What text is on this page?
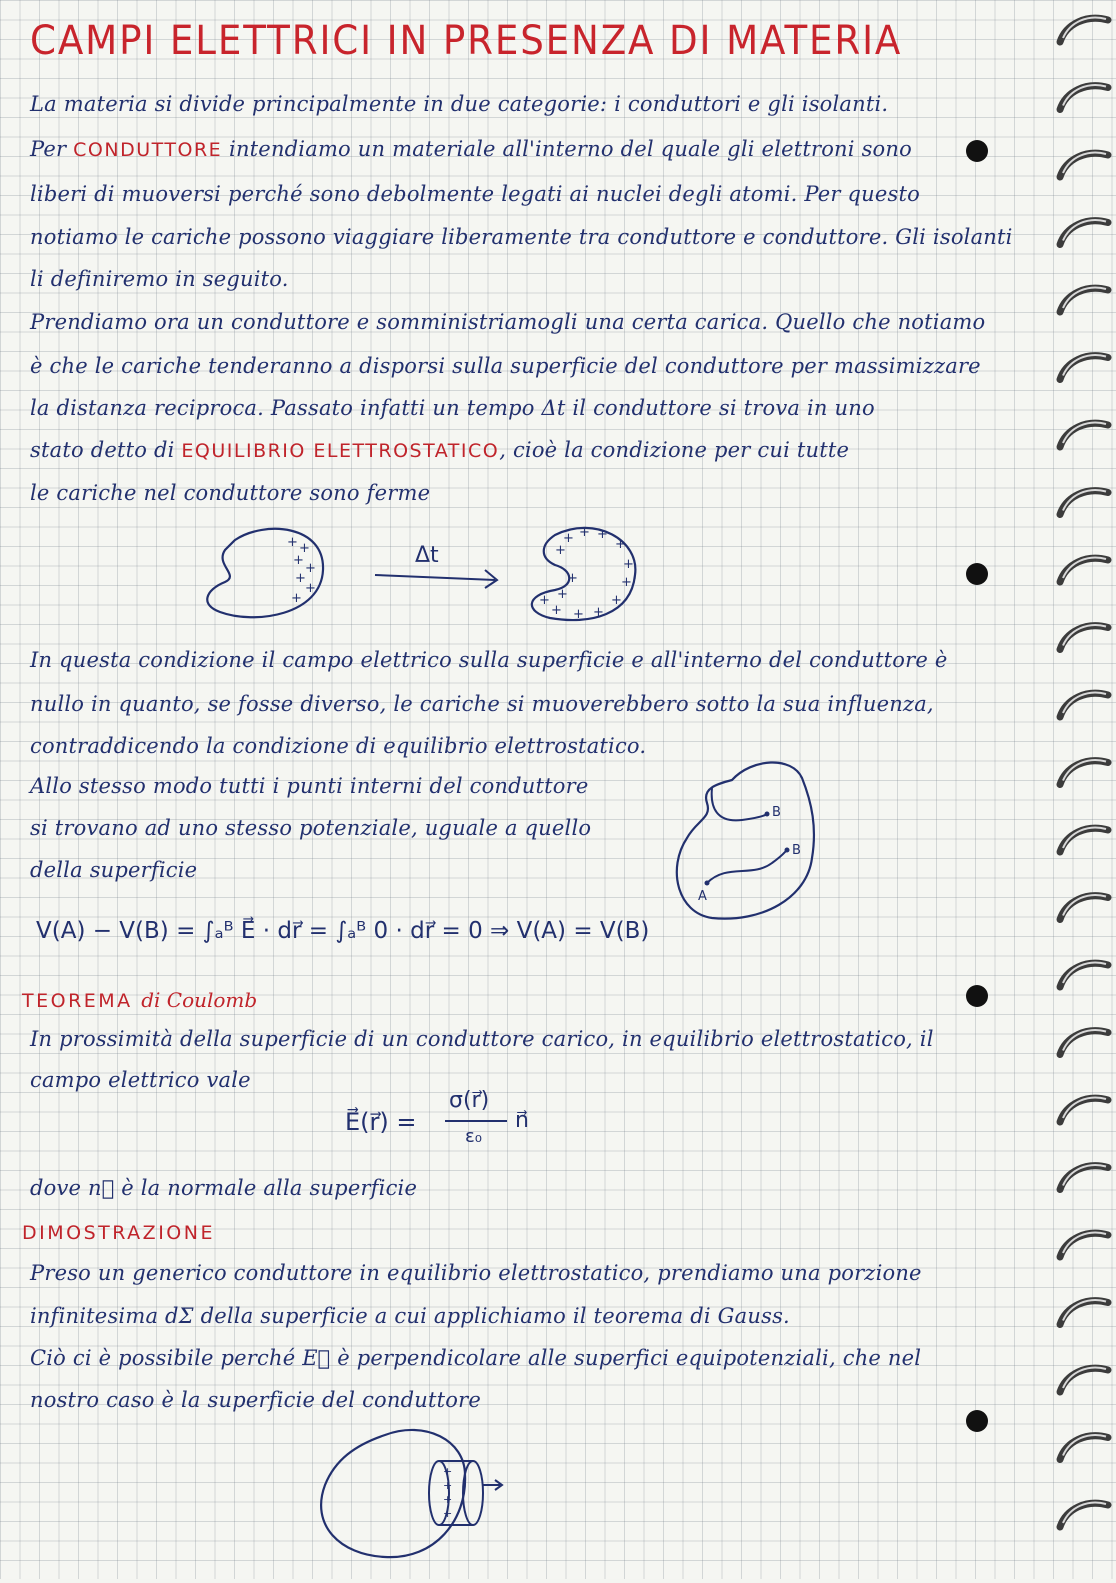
CAMPI ELETTRICI IN PRESENZA DI MATERIA
La materia si divide principalmente in due categorie: i conduttori e gli isolanti.
Per CONDUTTORE intendiamo un materiale all'interno del quale gli elettroni sono
liberi di muoversi perché sono debolmente legati ai nuclei degli atomi. Per questo
notiamo le cariche possono viaggiare liberamente tra conduttore e conduttore. Gli isolanti
li definiremo in seguito.
Prendiamo ora un conduttore e somministriamogli una certa carica. Quello che notiamo
è che le cariche tenderanno a disporsi sulla superficie del conduttore per massimizzare
la distanza reciproca. Passato infatti un tempo Δt il conduttore si trova in uno
stato detto di EQUILIBRIO ELETTROSTATICO, cioè la condizione per cui tutte
le cariche nel conduttore sono ferme
+ +
+
+
+
+
+
Δt
+ + +
+
+
+
+
+
+
+
+ +
+
+
In questa condizione il campo elettrico sulla superficie e all'interno del conduttore è
nullo in quanto, se fosse diverso, le cariche si muoverebbero sotto la sua influenza,
contraddicendo la condizione di equilibrio elettrostatico.
Allo stesso modo tutti i punti interni del conduttore
si trovano ad uno stesso potenziale, uguale a quello
della superficie
B
B
A
V(A) − V(B) = ∫ₐᴮ E⃗ · dr⃗ = ∫ₐᴮ 0 · dr⃗ = 0 ⇒ V(A) = V(B)
TEOREMA di Coulomb
In prossimità della superficie di un conduttore carico, in equilibrio elettrostatico, il
campo elettrico vale
E⃗(r⃗) =
σ(r⃗)
ε₀
n⃗
dove n⃗ è la normale alla superficie
DIMOSTRAZIONE
Preso un generico conduttore in equilibrio elettrostatico, prendiamo una porzione
infinitesima dΣ della superficie a cui applichiamo il teorema di Gauss.
Ciò ci è possibile perché E⃗ è perpendicolare alle superfici equipotenziali, che nel
nostro caso è la superficie del conduttore
+
+
+
+
